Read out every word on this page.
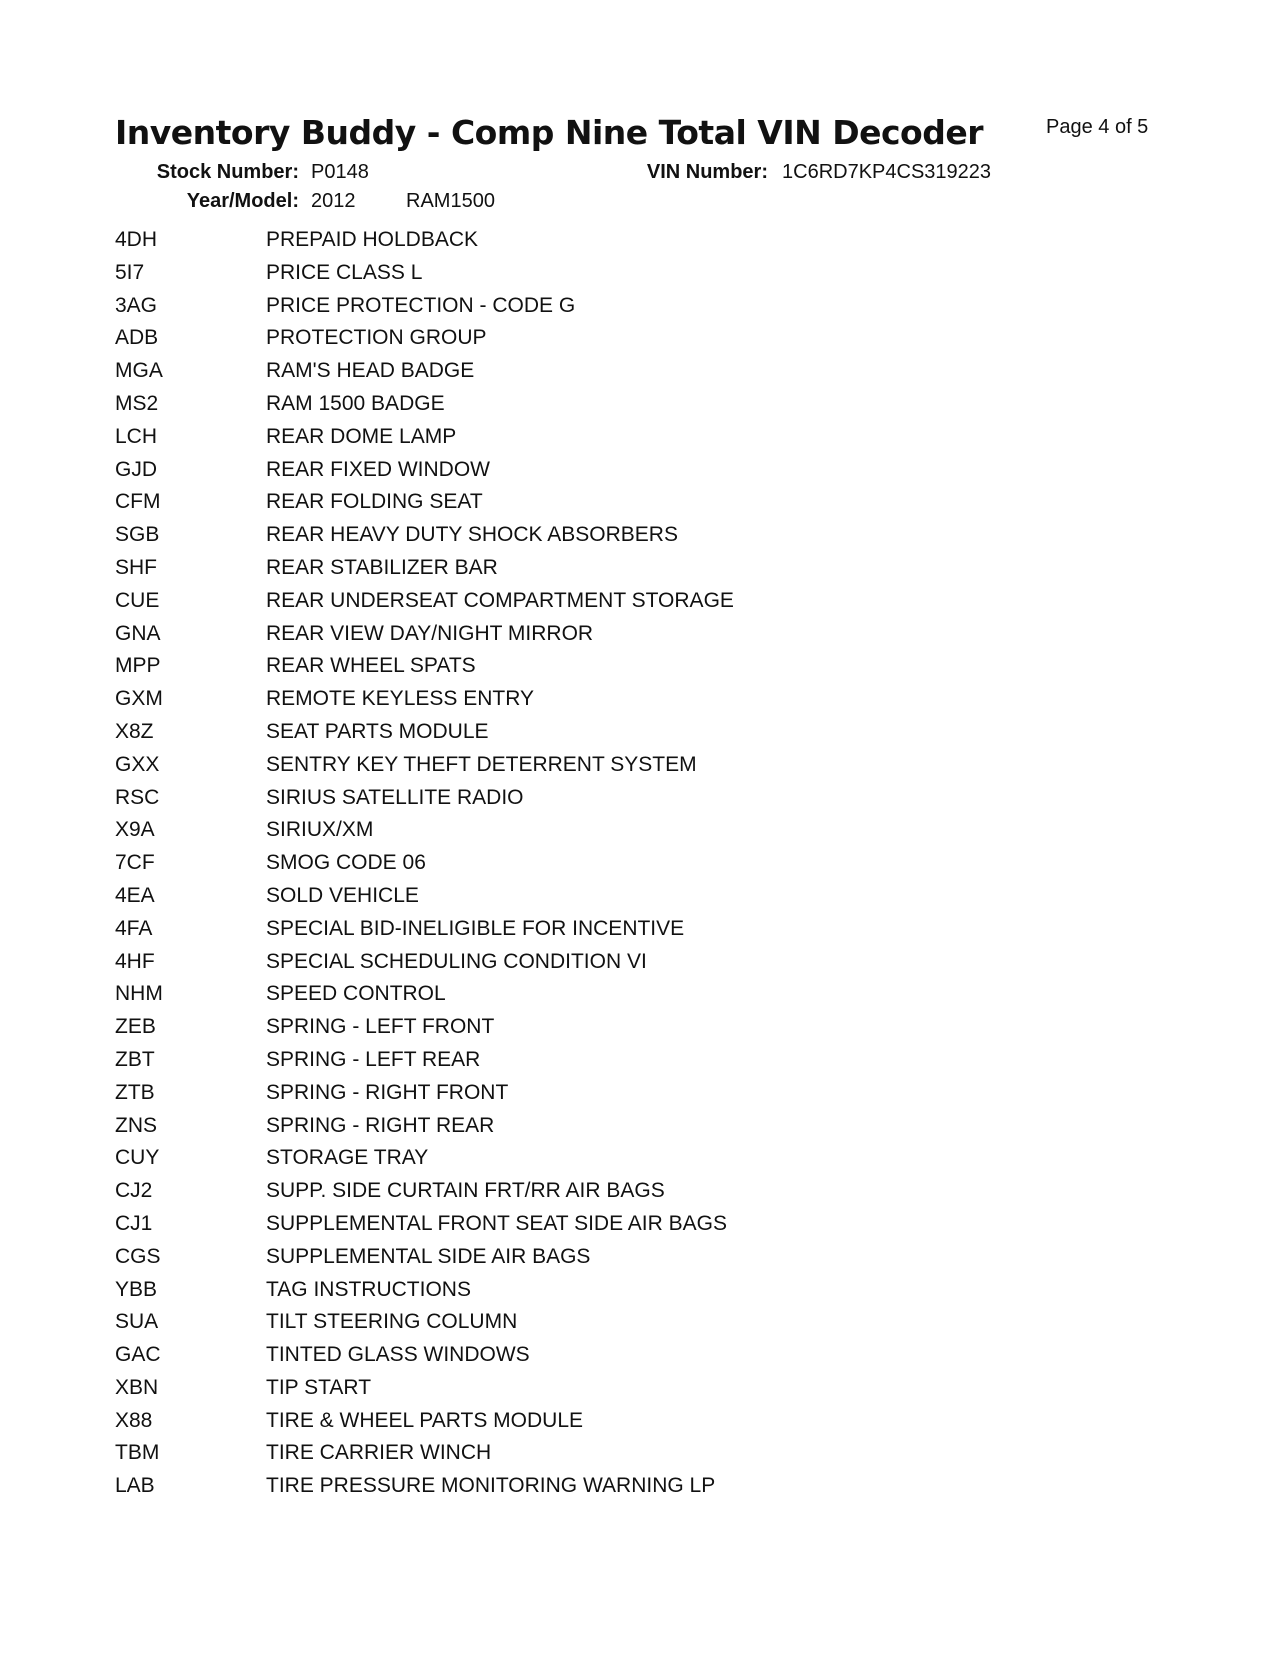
Inventory Buddy - Comp Nine Total VIN Decoder	Page 4 of 5
Stock Number: P0148	VIN Number: 1C6RD7KP4CS319223
Year/Model: 2012	RAM1500
4DH	PREPAID HOLDBACK
5I7	PRICE CLASS L
3AG	PRICE PROTECTION - CODE G
ADB	PROTECTION GROUP
MGA	RAM'S HEAD BADGE
MS2	RAM 1500 BADGE
LCH	REAR DOME LAMP
GJD	REAR FIXED WINDOW
CFM	REAR FOLDING SEAT
SGB	REAR HEAVY DUTY SHOCK ABSORBERS
SHF	REAR STABILIZER BAR
CUE	REAR UNDERSEAT COMPARTMENT STORAGE
GNA	REAR VIEW DAY/NIGHT MIRROR
MPP	REAR WHEEL SPATS
GXM	REMOTE KEYLESS ENTRY
X8Z	SEAT PARTS MODULE
GXX	SENTRY KEY THEFT DETERRENT SYSTEM
RSC	SIRIUS SATELLITE RADIO
X9A	SIRIUX/XM
7CF	SMOG CODE 06
4EA	SOLD VEHICLE
4FA	SPECIAL BID-INELIGIBLE FOR INCENTIVE
4HF	SPECIAL SCHEDULING CONDITION VI
NHM	SPEED CONTROL
ZEB	SPRING - LEFT FRONT
ZBT	SPRING - LEFT REAR
ZTB	SPRING - RIGHT FRONT
ZNS	SPRING - RIGHT REAR
CUY	STORAGE TRAY
CJ2	SUPP. SIDE CURTAIN FRT/RR AIR BAGS
CJ1	SUPPLEMENTAL FRONT SEAT SIDE AIR BAGS
CGS	SUPPLEMENTAL SIDE AIR BAGS
YBB	TAG INSTRUCTIONS
SUA	TILT STEERING COLUMN
GAC	TINTED GLASS WINDOWS
XBN	TIP START
X88	TIRE & WHEEL PARTS MODULE
TBM	TIRE CARRIER WINCH
LAB	TIRE PRESSURE MONITORING WARNING LP
